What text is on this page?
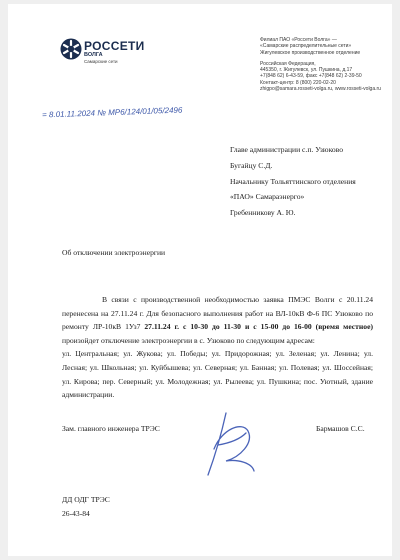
РОССЕТИ
ВОЛГА
Самарские сети
Филиал ПАО «Россети Волга» —
«Самарские распределительные сети»
Жигулевское производственное отделение
Российская Федерация,
445350, г. Жигулевск, ул. Пушкина, д.17
+7(848 62) 6-43-59, факс +7(848 62) 2-39-50
Контакт-центр: 8 (800) 220-02-20
zhigpo@samara.rosseti-volga.ru, www.rosseti-volga.ru
= 8.01.11.2024 № МР6/124/01/05/2496
Главе администрации с.п. Узюково
Бугайцу С.Д.
Начальнику Тольяттинского отделения
«ПАО» Самараэнерго»
Гребенникову А. Ю.
Об отключении электроэнергии

В связи с производственной необходимостью заявка ПМЭС Волги с 20.11.24 перенесена на 27.11.24 г. Для безопасного выполнения работ на ВЛ-10кВ Ф-6 ПС Узюково по ремонту ЛР-10кВ 1Уз7 27.11.24 г. с 10-30 до 11-30 и с 15-00 до 16-00 (время местное) произойдет отключение электроэнергии в с. Узюково по следующим адресам:

ул. Центральная; ул. Жукова; ул. Победы; ул. Придорожная; ул. Зеленая; ул. Ленина; ул. Лесная; ул. Школьная; ул. Куйбышева; ул. Северная; ул. Банная; ул. Полевая; ул. Шоссейная; ул. Кирова; пер. Северный; ул. Молодежная; ул. Рылеева; ул. Пушкина; пос. Уютный, здание администрации.

Зам. главного инженера ТРЭС	Бармашов С.С.
ДД ОДГ ТРЭС
26-43-84
